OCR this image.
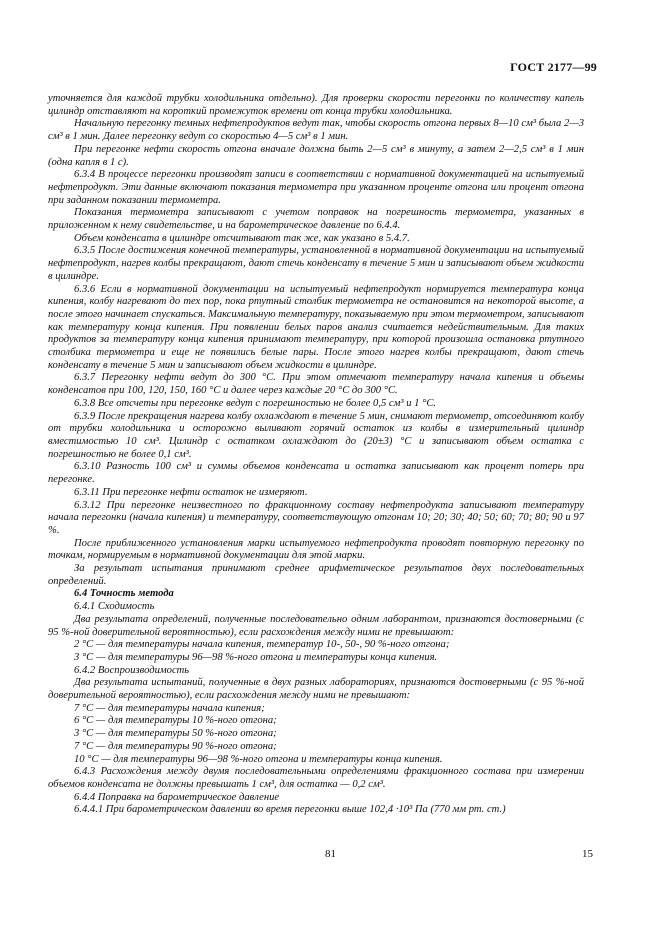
ГОСТ 2177—99

уточняется для каждой трубки холодильника отдельно). Для проверки скорости перегонки по количеству капель цилиндр отставляют на короткий промежуток времени от конца трубки холодильника.

Начальную перегонку темных нефтепродуктов ведут так, чтобы скорость отгона первых 8—10 см³ была 2—3 см³ в 1 мин. Далее перегонку ведут со скоростью 4—5 см³ в 1 мин.

При перегонке нефти скорость отгона вначале должна быть 2—5 см³ в минуту, а затем 2—2,5 см³ в 1 мин (одна капля в 1 с).

6.3.4 В процессе перегонки производят записи в соответствии с нормативной документацией на испытуемый нефтепродукт. Эти данные включают показания термометра при указанном проценте отгона или процент отгона при заданном показании термометра.

Показания термометра записывают с учетом поправок на погрешность термометра, указанных в приложенном к нему свидетельстве, и на барометрическое давление по 6.4.4.

Объем конденсата в цилиндре отсчитывают так же, как указано в 5.4.7.

6.3.5 После достижения конечной температуры, установленной в нормативной документации на испытуемый нефтепродукт, нагрев колбы прекращают, дают стечь конденсату в течение 5 мин и записывают объем жидкости в цилиндре.

6.3.6 Если в нормативной документации на испытуемый нефтепродукт нормируется температура конца кипения, колбу нагревают до тех пор, пока ртутный столбик термометра не остановится на некоторой высоте, а после этого начинает спускаться. Максимальную температуру, показываемую при этом термометром, записывают как температуру конца кипения. При появлении белых паров анализ считается недействительным. Для таких продуктов за температуру конца кипения принимают температуру, при которой произошла остановка ртутного столбика термометра и еще не появились белые пары. После этого нагрев колбы прекращают, дают стечь конденсату в течение 5 мин и записывают объем жидкости в цилиндре.

6.3.7 Перегонку нефти ведут до 300 °С. При этом отмечают температуру начала кипения и объемы конденсатов при 100, 120, 150, 160 °С и далее через каждые 20 °С до 300 °С.

6.3.8 Все отсчеты при перегонке ведут с погрешностью не более 0,5 см³ и 1 °С.

6.3.9 После прекращения нагрева колбу охлаждают в течение 5 мин, снимают термометр, отсоединяют колбу от трубки холодильника и осторожно выливают горячий остаток из колбы в измерительный цилиндр вместимостью 10 см³. Цилиндр с остатком охлаждают до (20±3) °С и записывают объем остатка с погрешностью не более 0,1 см³.

6.3.10 Разность 100 см³ и суммы объемов конденсата и остатка записывают как процент потерь при перегонке.

6.3.11 При перегонке нефти остаток не измеряют.

6.3.12 При перегонке неизвестного по фракционному составу нефтепродукта записывают температуру начала перегонки (начала кипения) и температуру, соответствующую отгонам 10; 20; 30; 40; 50; 60; 70; 80; 90 и 97 %.

После приближенного установления марки испытуемого нефтепродукта проводят повторную перегонку по точкам, нормируемым в нормативной документации для этой марки.

За результат испытания принимают среднее арифметическое результатов двух последовательных определений.

6.4 Точность метода

6.4.1 Сходимость

Два результата определений, полученные последовательно одним лаборантом, признаются достоверными (с 95 %-ной доверительной вероятностью), если расхождения между ними не превышают:

2 °С — для температуры начала кипения, температур 10-, 50-, 90 %-ного отгона;

3 °С — для температуры 96—98 %-ного отгона и температуры конца кипения.

6.4.2 Воспроизводимость

Два результата испытаний, полученные в двух разных лабораториях, признаются достоверными (с 95 %-ной доверительной вероятностью), если расхождения между ними не превышают:

7 °С — для температуры начала кипения;

6 °С — для температуры 10 %-ного отгона;

3 °С — для температуры 50 %-ного отгона;

7 °С — для температуры 90 %-ного отгона;

10 °С — для температуры 96—98 %-ного отгона и температуры конца кипения.

6.4.3 Расхождения между двумя последовательными определениями фракционного состава при измерении объемов конденсата не должны превышать 1 см³, для остатка — 0,2 см³.

6.4.4 Поправка на барометрическое давление

6.4.4.1 При барометрическом давлении во время перегонки выше 102,4 ·10³ Па (770 мм рт. ст.)

81	15
